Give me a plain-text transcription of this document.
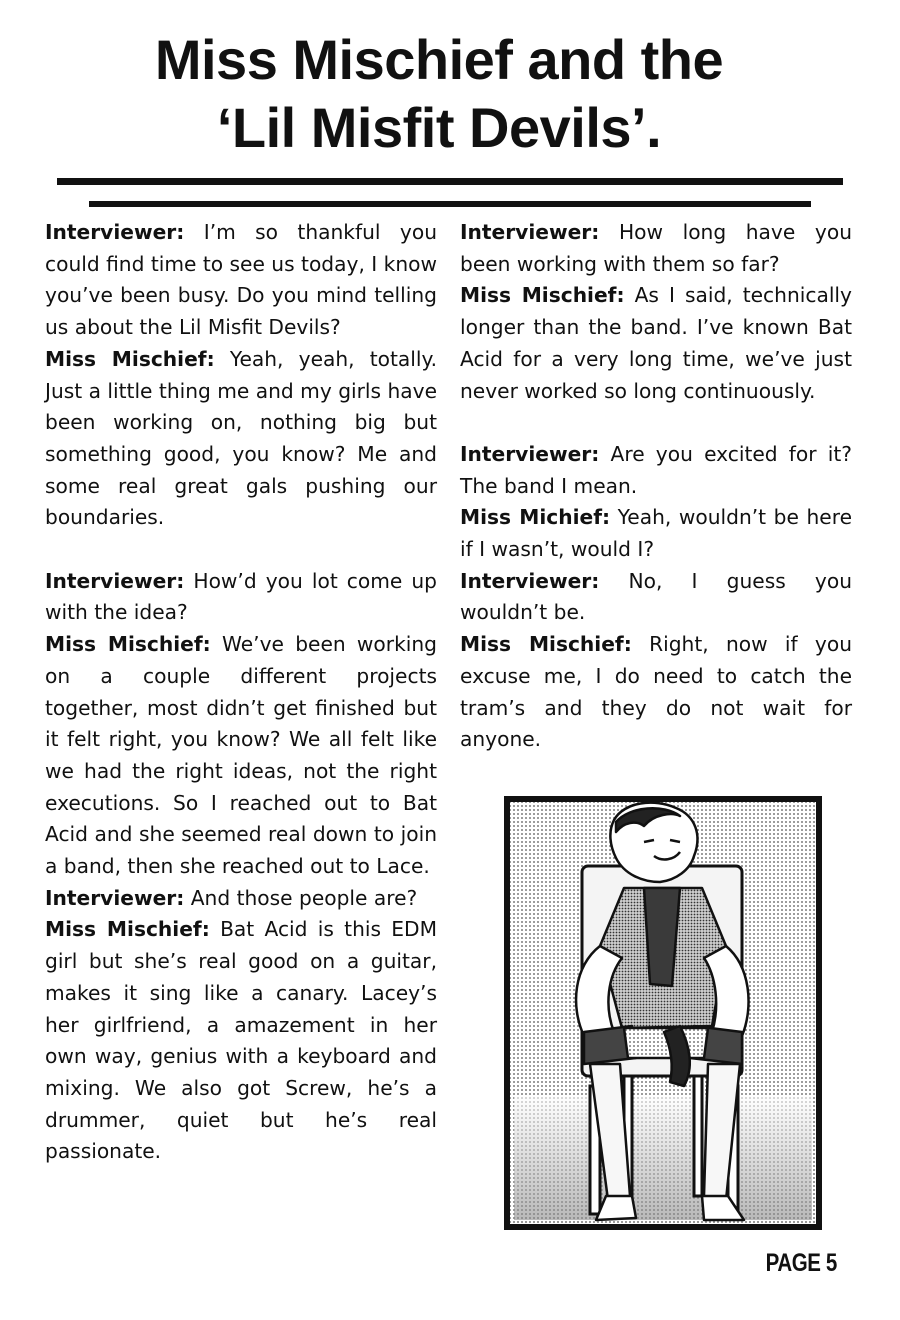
Miss Mischief and the
‘Lil Misfit Devils’.

Interviewer: I’m so thankful you could find time to see us today, I know you’ve been busy. Do you mind telling us about the Lil Misfit Devils?

Miss Mischief: Yeah, yeah, totally. Just a little thing me and my girls have been working on, nothing big but something good, you know? Me and some real great gals pushing our boundaries.

Interviewer: How’d you lot come up with the idea?

Miss Mischief: We’ve been working on a couple different projects together, most didn’t get finished but it felt right, you know? We all felt like we had the right ideas, not the right executions. So I reached out to Bat Acid and she seemed real down to join a band, then she reached out to Lace.

Interviewer: And those people are?

Miss Mischief: Bat Acid is this EDM girl but she’s real good on a guitar, makes it sing like a canary. Lacey’s her girlfriend, a amazement in her own way, genius with a keyboard and mixing. We also got Screw, he’s a drummer, quiet but he’s real passionate.

Interviewer: How long have you been working with them so far?

Miss Mischief: As I said, technically longer than the band. I’ve known Bat Acid for a very long time, we’ve just never worked so long continuously.

Interviewer: Are you excited for it? The band I mean.

Miss Michief: Yeah, wouldn’t be here if I wasn’t, would I?

Interviewer: No, I guess you wouldn’t be.

Miss Mischief: Right, now if you excuse me, I do need to catch the tram’s and they do not wait for anyone.

PAGE 5
